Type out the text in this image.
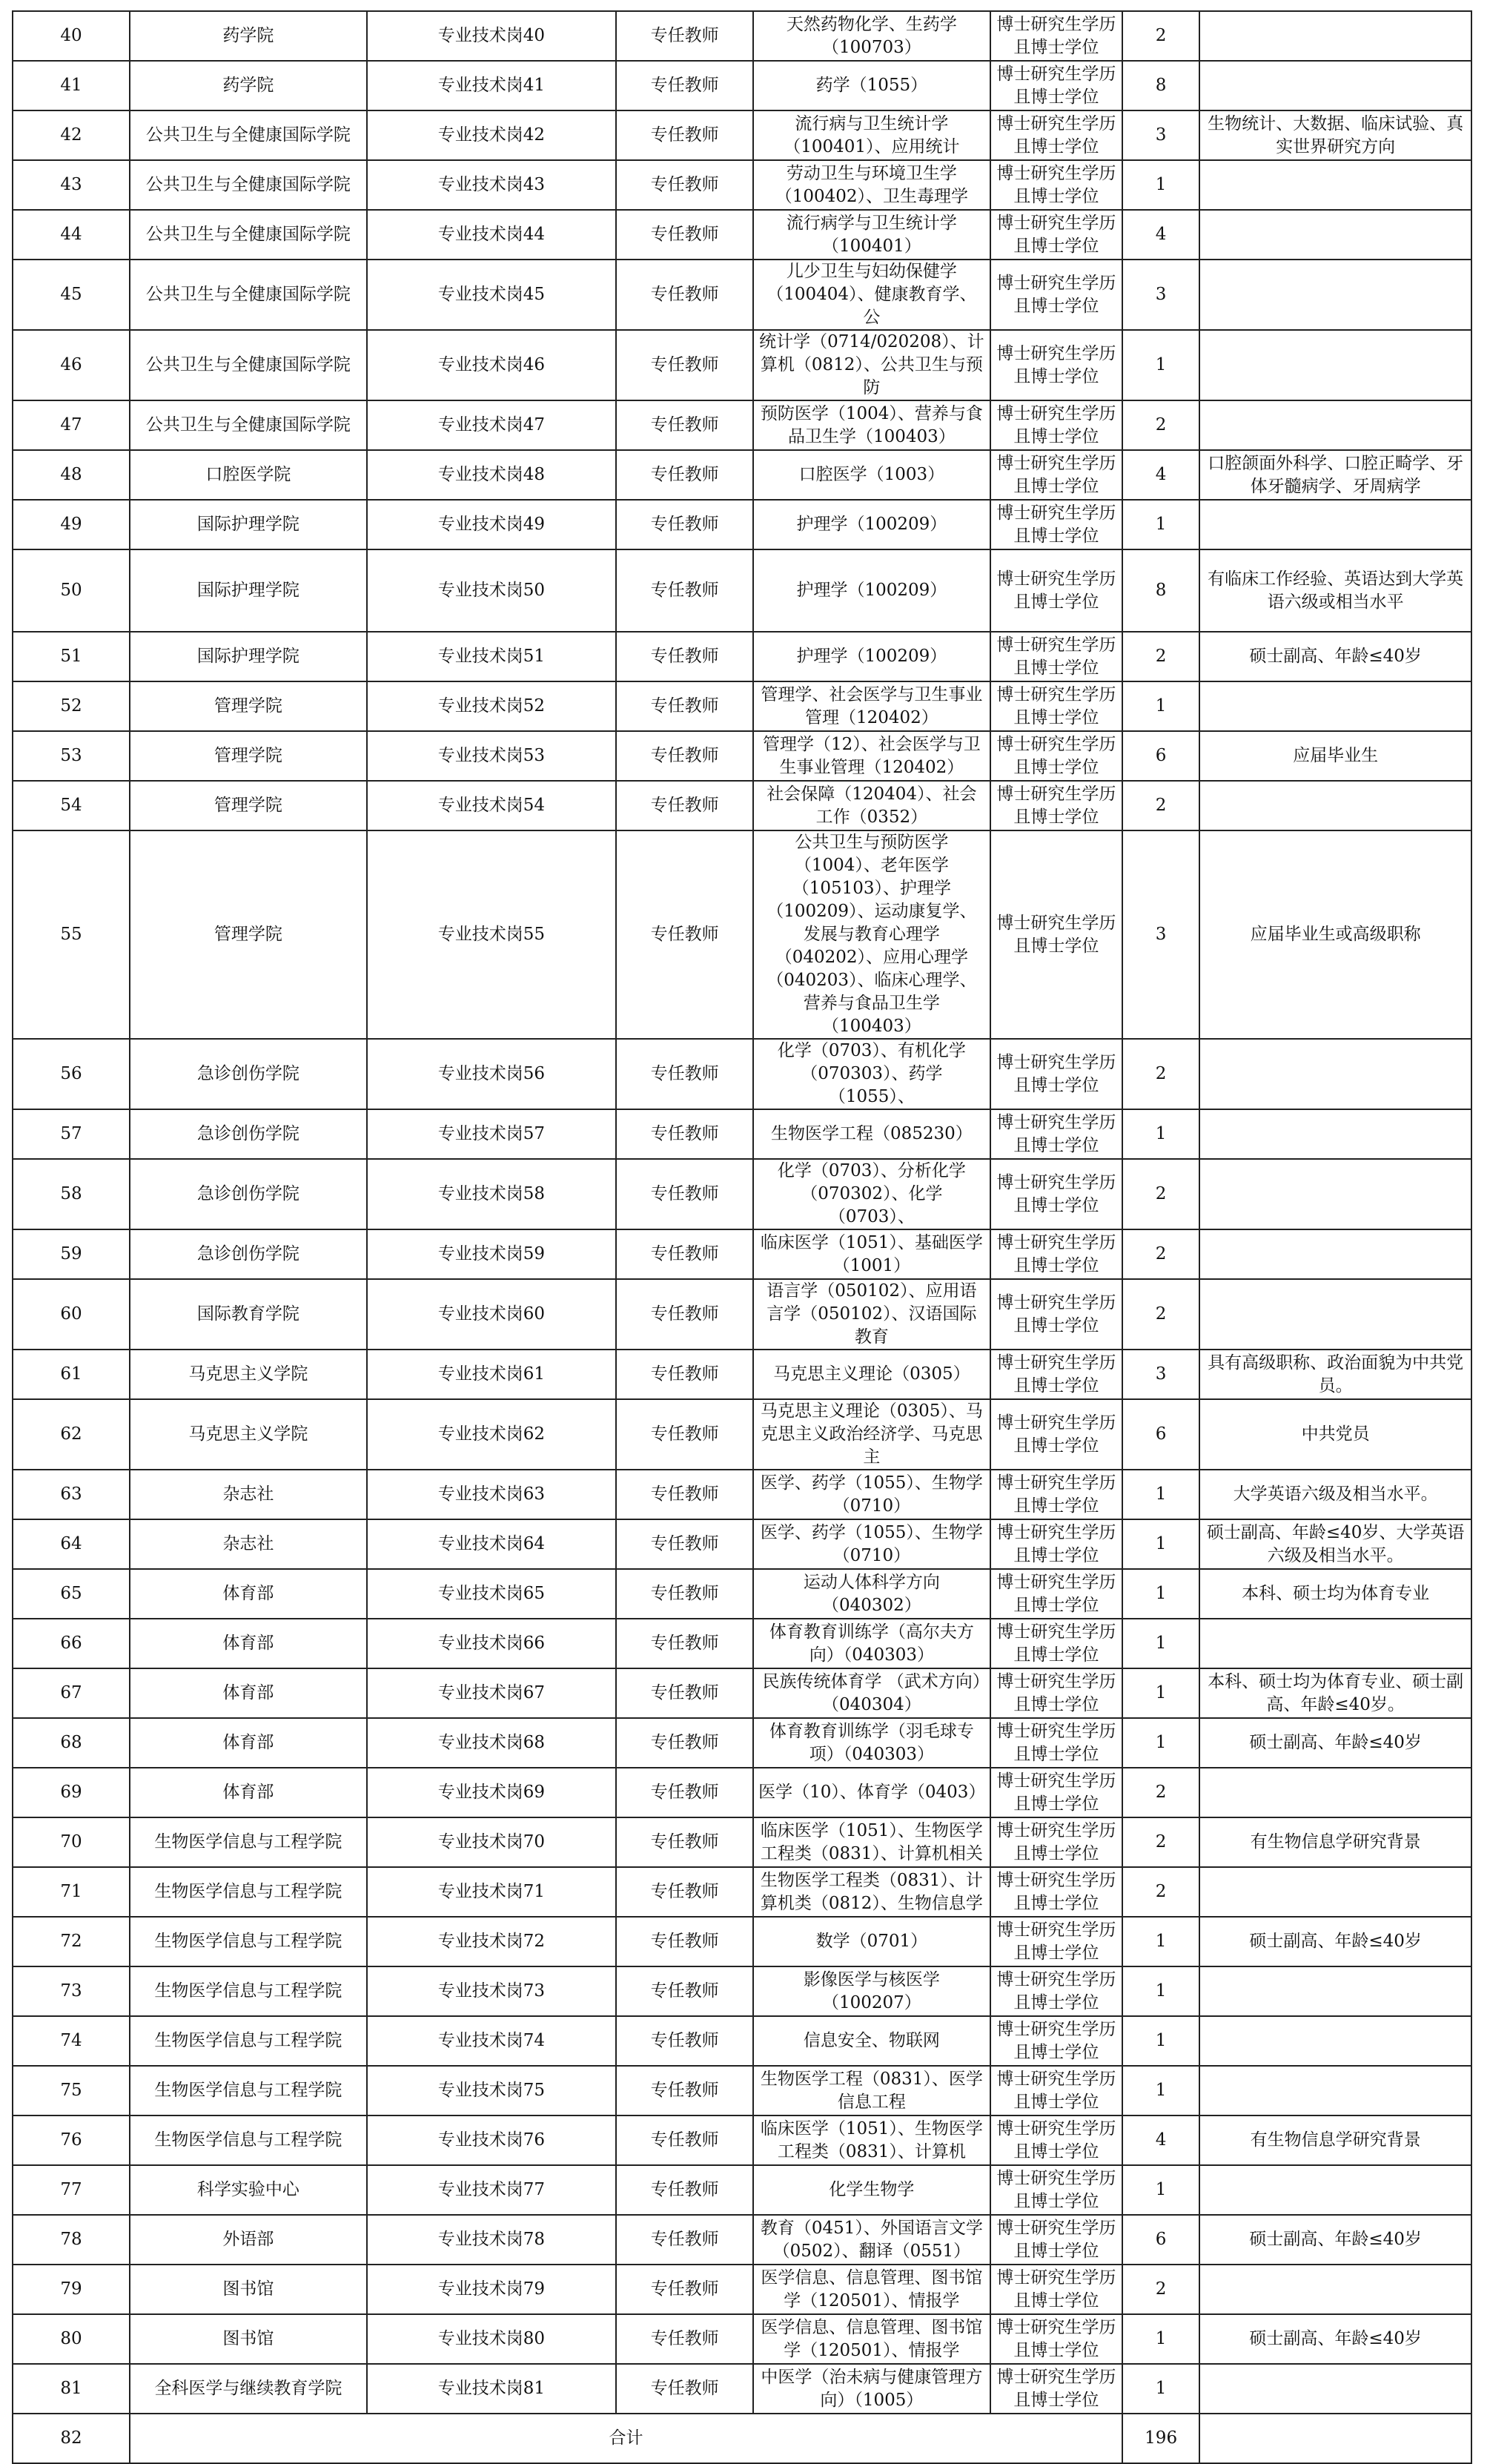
40	药学院	专业技术岗40	专任教师	天然药物化学、生药学（100703）	博士研究生学历且博士学位	2	
41	药学院	专业技术岗41	专任教师	药学（1055）	博士研究生学历且博士学位	8	
42	公共卫生与全健康国际学院	专业技术岗42	专任教师	流行病与卫生统计学（100401）、应用统计	博士研究生学历且博士学位	3	生物统计、大数据、临床试验、真实世界研究方向
43	公共卫生与全健康国际学院	专业技术岗43	专任教师	劳动卫生与环境卫生学（100402）、卫生毒理学	博士研究生学历且博士学位	1	
44	公共卫生与全健康国际学院	专业技术岗44	专任教师	流行病学与卫生统计学（100401）	博士研究生学历且博士学位	4	
45	公共卫生与全健康国际学院	专业技术岗45	专任教师	儿少卫生与妇幼保健学（100404）、健康教育学、公	博士研究生学历且博士学位	3	
46	公共卫生与全健康国际学院	专业技术岗46	专任教师	统计学（0714/020208）、计算机（0812）、公共卫生与预防	博士研究生学历且博士学位	1	
47	公共卫生与全健康国际学院	专业技术岗47	专任教师	预防医学（1004）、营养与食品卫生学（100403）	博士研究生学历且博士学位	2	
48	口腔医学院	专业技术岗48	专任教师	口腔医学（1003）	博士研究生学历且博士学位	4	口腔颌面外科学、口腔正畸学、牙体牙髓病学、牙周病学
49	国际护理学院	专业技术岗49	专任教师	护理学（100209）	博士研究生学历且博士学位	1	
50	国际护理学院	专业技术岗50	专任教师	护理学（100209）	博士研究生学历且博士学位	8	有临床工作经验、英语达到大学英语六级或相当水平
51	国际护理学院	专业技术岗51	专任教师	护理学（100209）	博士研究生学历且博士学位	2	硕士副高、年龄≤40岁
52	管理学院	专业技术岗52	专任教师	管理学、社会医学与卫生事业管理（120402）	博士研究生学历且博士学位	1	
53	管理学院	专业技术岗53	专任教师	管理学（12）、社会医学与卫生事业管理（120402）	博士研究生学历且博士学位	6	应届毕业生
54	管理学院	专业技术岗54	专任教师	社会保障（120404）、社会工作（0352）	博士研究生学历且博士学位	2	
55	管理学院	专业技术岗55	专任教师	公共卫生与预防医学（1004）、老年医学（105103）、护理学（100209）、运动康复学、发展与教育心理学（040202）、应用心理学（040203）、临床心理学、营养与食品卫生学（100403）	博士研究生学历且博士学位	3	应届毕业生或高级职称
56	急诊创伤学院	专业技术岗56	专任教师	化学（0703）、有机化学（070303）、药学（1055）、	博士研究生学历且博士学位	2	
57	急诊创伤学院	专业技术岗57	专任教师	生物医学工程（085230）	博士研究生学历且博士学位	1	
58	急诊创伤学院	专业技术岗58	专任教师	化学（0703）、分析化学（070302）、化学（0703）、	博士研究生学历且博士学位	2	
59	急诊创伤学院	专业技术岗59	专任教师	临床医学（1051）、基础医学（1001）	博士研究生学历且博士学位	2	
60	国际教育学院	专业技术岗60	专任教师	语言学（050102）、应用语言学（050102）、汉语国际教育	博士研究生学历且博士学位	2	
61	马克思主义学院	专业技术岗61	专任教师	马克思主义理论（0305）	博士研究生学历且博士学位	3	具有高级职称、政治面貌为中共党员。
62	马克思主义学院	专业技术岗62	专任教师	马克思主义理论（0305）、马克思主义政治经济学、马克思主	博士研究生学历且博士学位	6	中共党员
63	杂志社	专业技术岗63	专任教师	医学、药学（1055）、生物学（0710）	博士研究生学历且博士学位	1	大学英语六级及相当水平。
64	杂志社	专业技术岗64	专任教师	医学、药学（1055）、生物学（0710）	博士研究生学历且博士学位	1	硕士副高、年龄≤40岁、大学英语六级及相当水平。
65	体育部	专业技术岗65	专任教师	运动人体科学方向（040302）	博士研究生学历且博士学位	1	本科、硕士均为体育专业
66	体育部	专业技术岗66	专任教师	体育教育训练学（高尔夫方向）（040303）	博士研究生学历且博士学位	1	
67	体育部	专业技术岗67	专任教师	民族传统体育学 （武术方向）（040304）	博士研究生学历且博士学位	1	本科、硕士均为体育专业、硕士副高、年龄≤40岁。
68	体育部	专业技术岗68	专任教师	体育教育训练学（羽毛球专项）（040303）	博士研究生学历且博士学位	1	硕士副高、年龄≤40岁
69	体育部	专业技术岗69	专任教师	医学（10）、体育学（0403）	博士研究生学历且博士学位	2	
70	生物医学信息与工程学院	专业技术岗70	专任教师	临床医学（1051）、生物医学工程类（0831）、计算机相关	博士研究生学历且博士学位	2	有生物信息学研究背景
71	生物医学信息与工程学院	专业技术岗71	专任教师	生物医学工程类（0831）、计算机类（0812）、生物信息学	博士研究生学历且博士学位	2	
72	生物医学信息与工程学院	专业技术岗72	专任教师	数学（0701）	博士研究生学历且博士学位	1	硕士副高、年龄≤40岁
73	生物医学信息与工程学院	专业技术岗73	专任教师	影像医学与核医学（100207）	博士研究生学历且博士学位	1	
74	生物医学信息与工程学院	专业技术岗74	专任教师	信息安全、物联网	博士研究生学历且博士学位	1	
75	生物医学信息与工程学院	专业技术岗75	专任教师	生物医学工程（0831）、医学信息工程	博士研究生学历且博士学位	1	
76	生物医学信息与工程学院	专业技术岗76	专任教师	临床医学（1051）、生物医学工程类（0831）、计算机	博士研究生学历且博士学位	4	有生物信息学研究背景
77	科学实验中心	专业技术岗77	专任教师	化学生物学	博士研究生学历且博士学位	1	
78	外语部	专业技术岗78	专任教师	教育（0451）、外国语言文学（0502）、翻译（0551）	博士研究生学历且博士学位	6	硕士副高、年龄≤40岁
79	图书馆	专业技术岗79	专任教师	医学信息、信息管理、图书馆学（120501）、情报学	博士研究生学历且博士学位	2	
80	图书馆	专业技术岗80	专任教师	医学信息、信息管理、图书馆学（120501）、情报学	博士研究生学历且博士学位	1	硕士副高、年龄≤40岁
81	全科医学与继续教育学院	专业技术岗81	专任教师	中医学（治未病与健康管理方向）（1005）	博士研究生学历且博士学位	1	
82	合计					196	
